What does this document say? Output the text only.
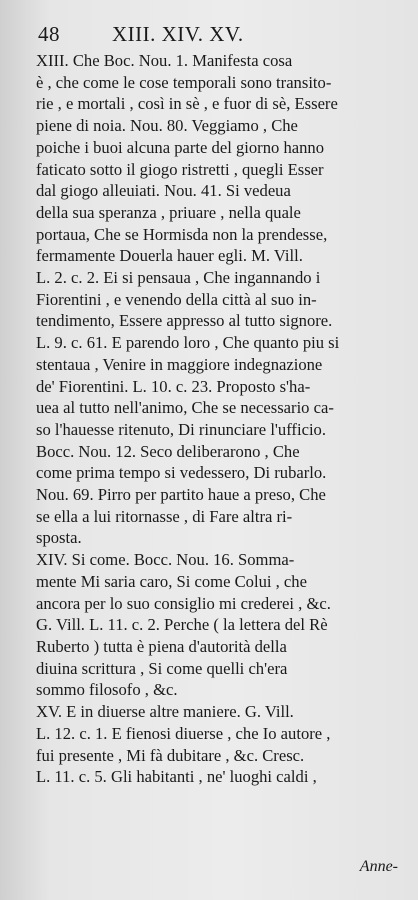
48 XIII. XIV. XV.
XIII. Che Boc. Nou. 1. Manifesta cosa
è , che come le cose temporali sono transito-
rie , e mortali , così in sè , e fuor di sè, Essere
piene di noia. Nou. 80. Veggiamo , Che
poiche i buoi alcuna parte del giorno hanno
faticato sotto il giogo ristretti , quegli Esser
dal giogo alleuiati. Nou. 41. Si vedeua
della sua speranza , priuare , nella quale
portaua, Che se Hormisda non la prendesse,
fermamente Douerla hauer egli. M. Vill.
L. 2. c. 2. Ei si pensaua , Che ingannando i
Fiorentini , e venendo della città al suo in-
tendimento, Essere appresso al tutto signore.
L. 9. c. 61. E parendo loro , Che quanto piu si
stentaua , Venire in maggiore indegnazione
de' Fiorentini. L. 10. c. 23. Proposto s'ha-
uea al tutto nell'animo, Che se necessario ca-
so l'hauesse ritenuto, Di rinunciare l'ufficio.
Bocc. Nou. 12. Seco deliberarono , Che
come prima tempo si vedessero, Di rubarlo.
Nou. 69. Pirro per partito haue a preso, Che
se ella a lui ritornasse , di Fare altra ri-
sposta.
XIV. Si come. Bocc. Nou. 16. Somma-
mente Mi saria caro, Si come Colui , che
ancora per lo suo consiglio mi crederei , &c.
G. Vill. L. 11. c. 2. Perche ( la lettera del Rè
Ruberto ) tutta è piena d'autorità della
diuina scrittura , Si come quelli ch'era
sommo filosofo , &c.
XV. E in diuerse altre maniere. G. Vill.
L. 12. c. 1. E fienosi diuerse , che Io autore ,
fui presente , Mi fà dubitare , &c. Cresc.
L. 11. c. 5. Gli habitanti , ne' luoghi caldi ,
Anne-
